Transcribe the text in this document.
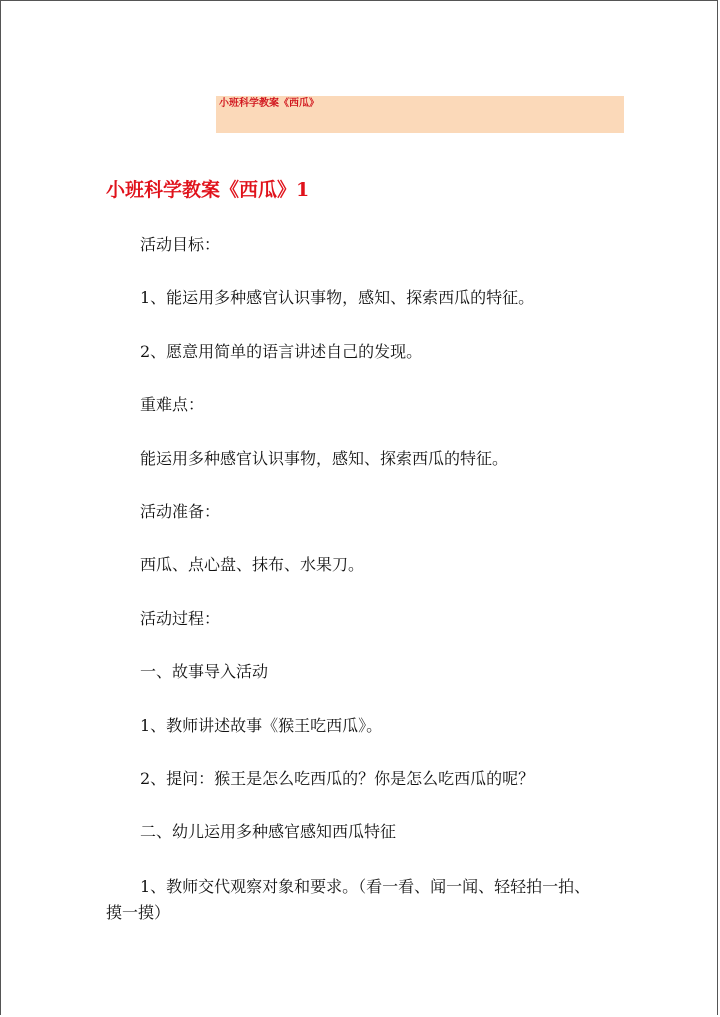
小班科学教案《西瓜》
小班科学教案《西瓜》1
活动目标：
1、能运用多种感官认识事物，感知、探索西瓜的特征。
2、愿意用简单的语言讲述自己的发现。
重难点：
能运用多种感官认识事物，感知、探索西瓜的特征。
活动准备：
西瓜、点心盘、抹布、水果刀。
活动过程：
一、故事导入活动
1、教师讲述故事《猴王吃西瓜》。
2、提问：猴王是怎么吃西瓜的？你是怎么吃西瓜的呢？
二、幼儿运用多种感官感知西瓜特征
1、教师交代观察对象和要求。（看一看、闻一闻、轻轻拍一拍、
摸一摸）
